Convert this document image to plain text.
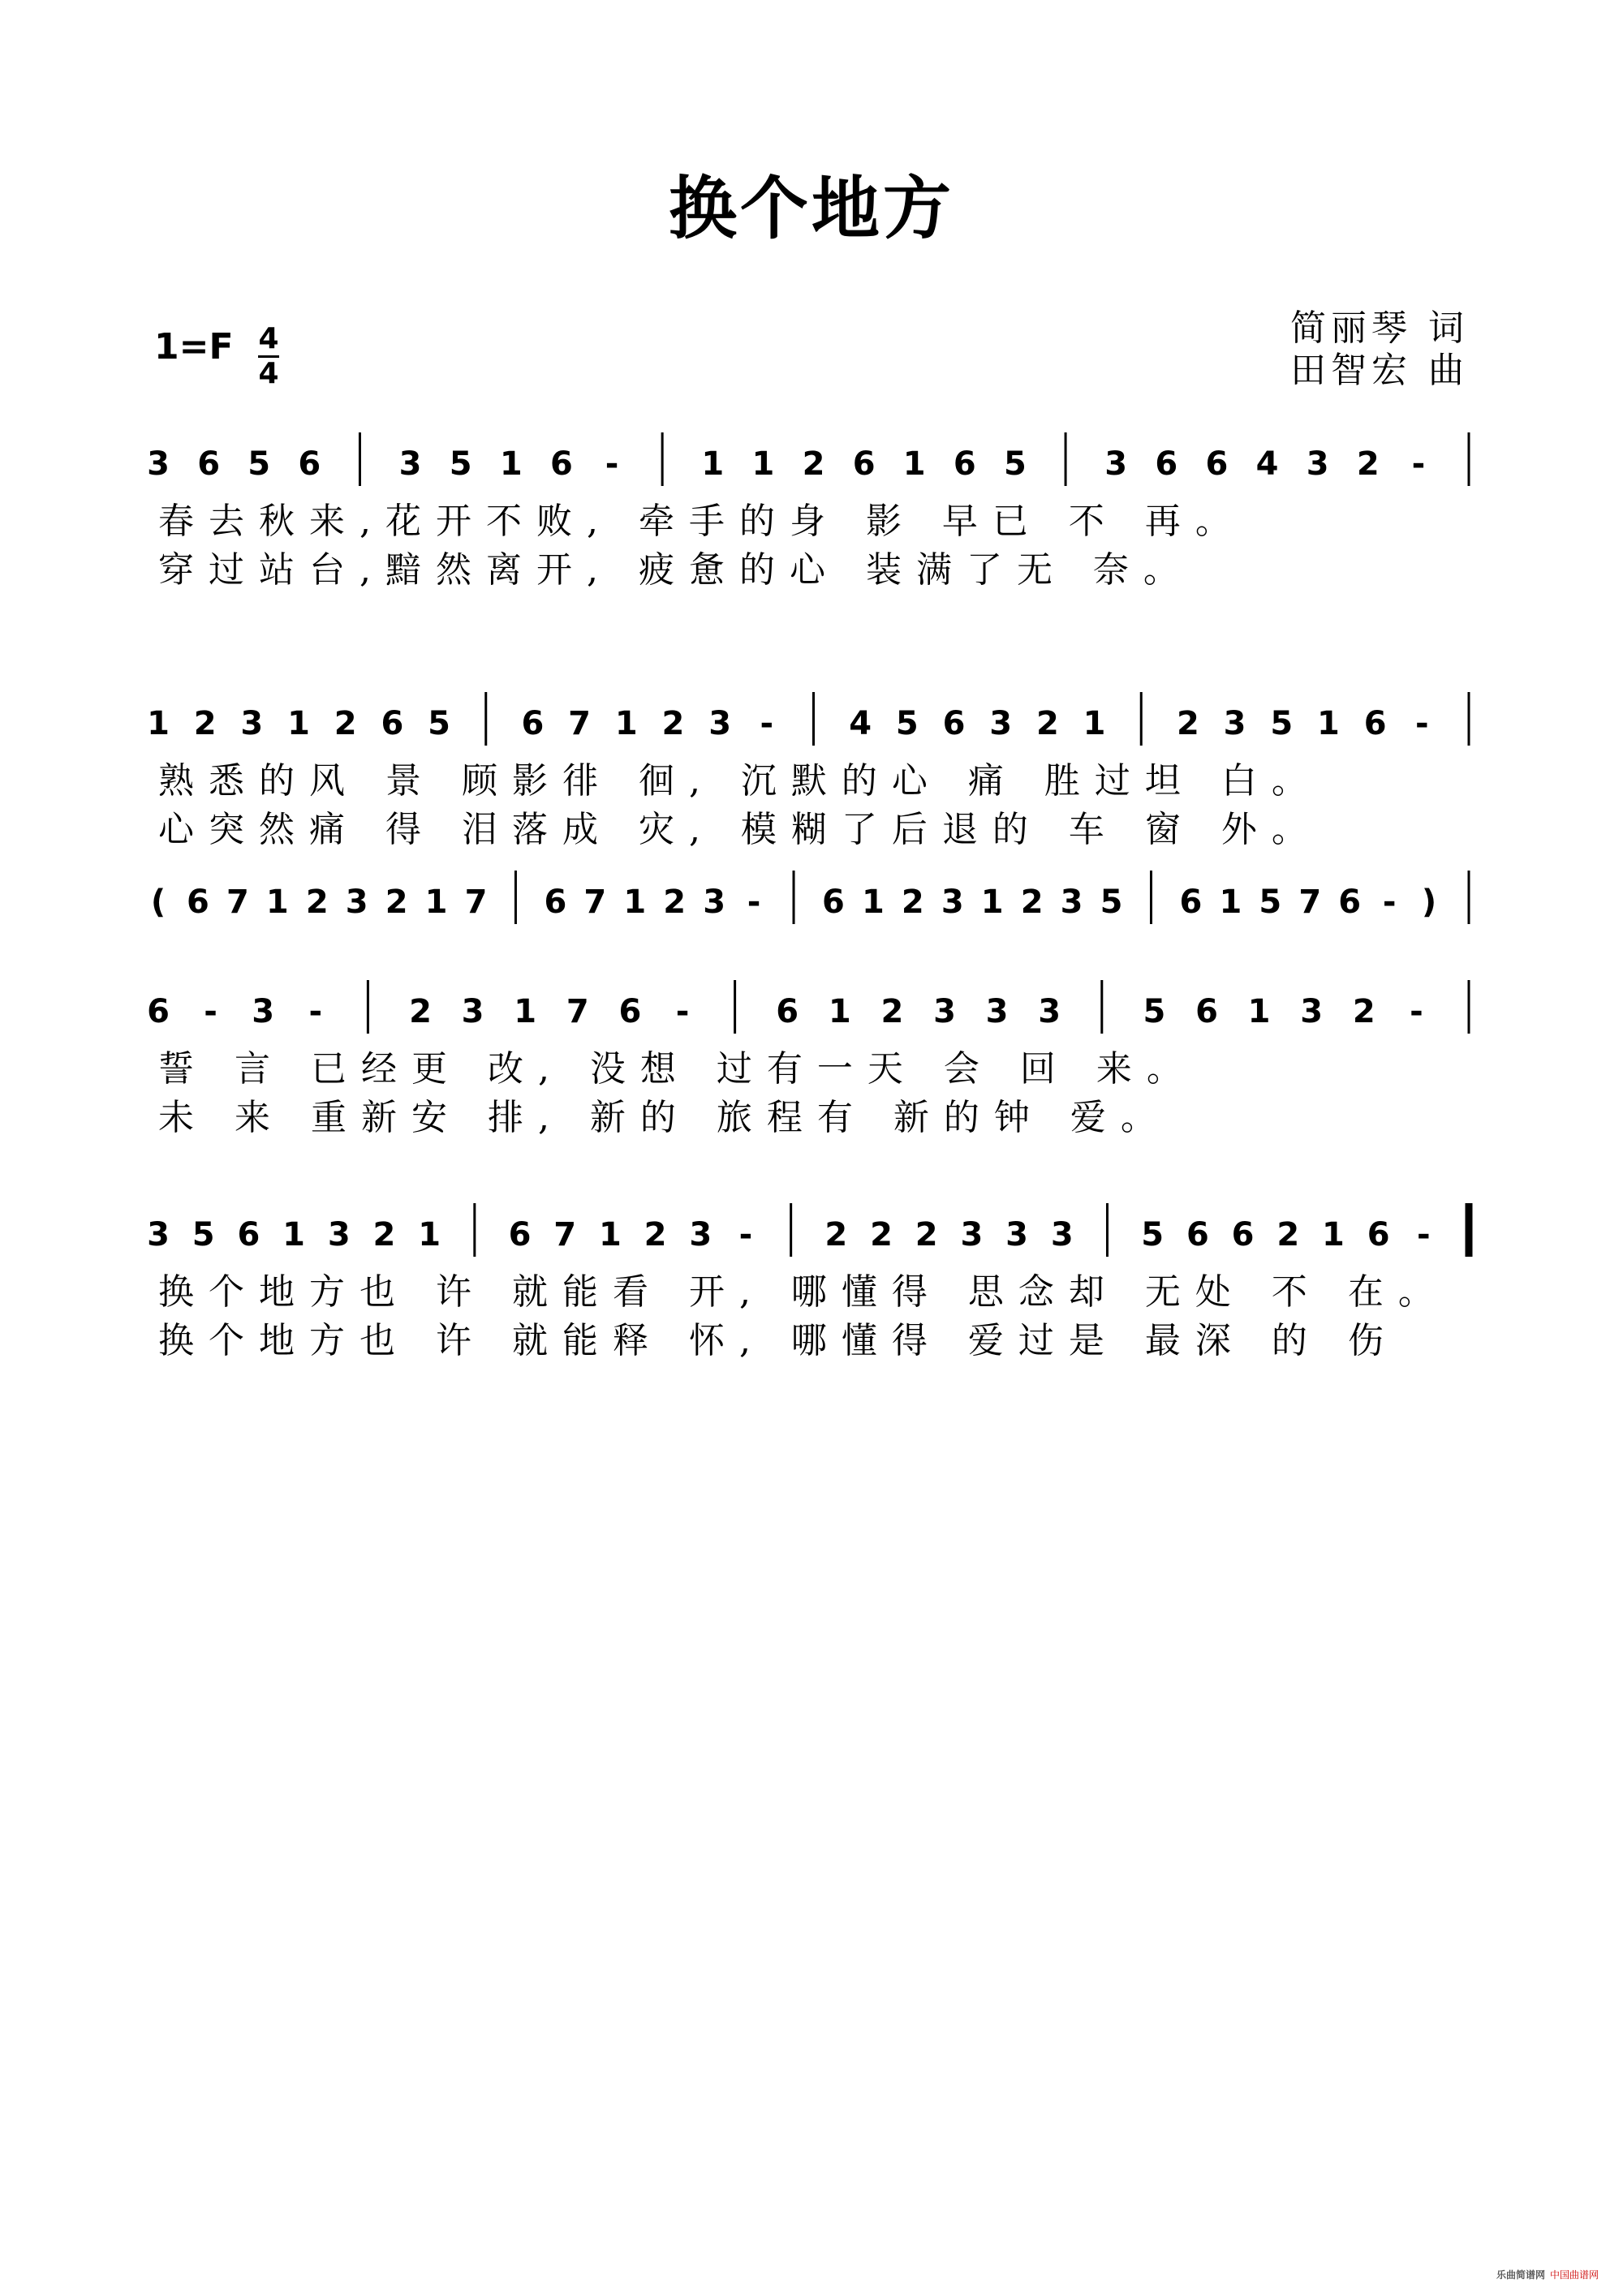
换个地方
简丽琴 词
田智宏 曲
1=F 4
4
3 6 5 6 3 5 1 6 -	1 1 2 6 1 6 5 3 6 6 4 3 2 -
春去秋来,花开不败, 牵手的身 影 早已 不 再。
穿过站台,黯然离开, 疲惫的心 装满了无 奈。
1 2 3 1 2 6 5 6 7 1 2 3 - 4 5 6 3 2 1 2 3 5 1 6 -
熟悉的风 景 顾影徘 徊, 沉默的心 痛 胜过坦 白。
心突然痛 得 泪落成 灾, 模糊了后退的 车 窗 外。
( 6 7 1 2 3 2 1 7 6 7 1 2 3 - 6 1 2 3 1 2 3 5 6 1 5 7 6 - )
6 - 3 -	2 3 1 7 6 -	6 1 2 3 3 3	5 6 1 3 2 -
誓 言 已经更 改, 没想 过有一天 会 回 来。
未 来 重新安 排, 新的 旅程有 新的钟 爱。
3 5 6 1 3 2 1 6 7 1 2 3 - 2 2 2 3 3 3 5 6 6 2 1 6 -
换个地方也 许 就能看 开, 哪懂得 思念却 无处 不 在。
换个地方也 许 就能释 怀, 哪懂得 爱过是 最深 的 伤
乐曲简谱网 中国曲谱网
